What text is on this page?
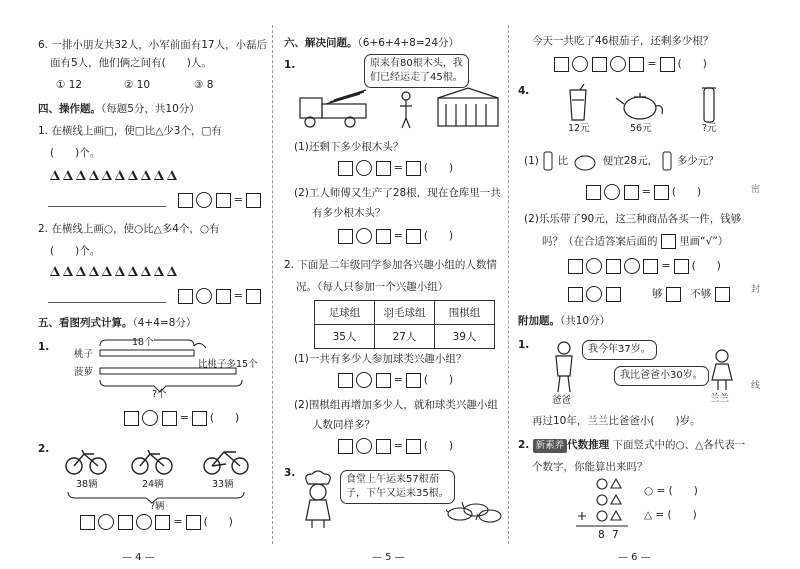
6. 一排小朋友共32人，小军前面有17人，小磊后
面有5人，他们俩之间有(　　)人。
① 12	② 10	③ 8
四、操作题。（每题5分，共10分）
1. 在横线上画□，使□比△少3个，□有
(　　)个。
=
2. 在横线上画○，使○比△多4个，○有
(　　)个。
=
五、看图列式计算。（4+4=8分）
1.	18个
桃子
菠萝
比桃子多15个
?个
= (　　)
2.
38辆	24辆	33辆
?辆
= (　　)
— 4 —
六、解决问题。（6+6+4+8=24分）
1.	原来有80根木头，我
们已经运走了45根。
(1)还剩下多少根木头？
= (　　)
(2)工人师傅又生产了28根，现在仓库里一共
有多少根木头？
= (　　)
2. 下面是二年级同学参加各兴趣小组的人数情
况。（每人只参加一个兴趣小组）
足球组	羽毛球组	围棋组
35人	27人	39人
(1)一共有多少人参加球类兴趣小组？
= (　　)
(2)围棋组再增加多少人，就和球类兴趣小组
人数同样多？
= (　　)
3.
食堂上午运来57根茄
子，下午又运来35根。
— 5 —
今天一共吃了46根茄子，还剩多少根？
= (　　)
4.
12元	56元	?元
(1) 比	便宜28元， 多少元？
= (　　)
(2)乐乐带了90元，这三种商品各买一件，钱够
吗？（在合适答案后面的 里画“√”）
= (　　)
够	不够
附加题。（共10分）
1.	我今年37岁。
我比爸爸小30岁。
爸爸	兰兰
再过10年，兰兰比爸爸小(　　)岁。
2. 新素养 代数推理 下面竖式中的○、△各代表一
个数字，你能算出来吗？
8 7
○ = (　　)
△ = (　　)
密
封
线
— 6 —
